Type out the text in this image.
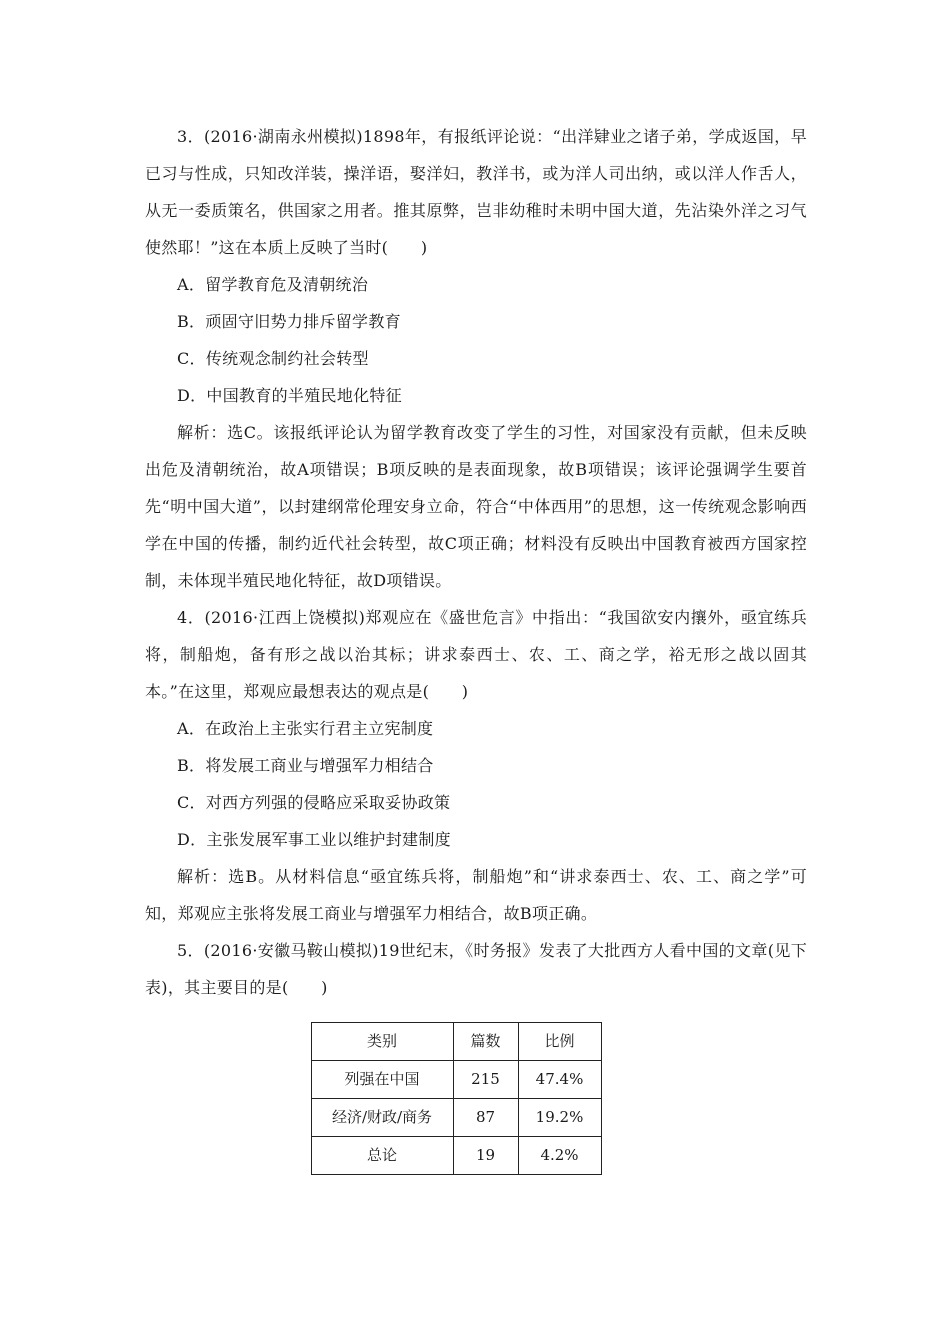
3．(2016·湖南永州模拟)1898年，有报纸评论说：“出洋肄业之诸子弟，学成返国，早已习与性成，只知改洋装，操洋语，娶洋妇，教洋书，或为洋人司出纳，或以洋人作舌人，从无一委质策名，供国家之用者。推其原弊，岂非幼稚时未明中国大道，先沾染外洋之习气使然耶！”这在本质上反映了当时(　　)

A．留学教育危及清朝统治

B．顽固守旧势力排斥留学教育

C．传统观念制约社会转型

D．中国教育的半殖民地化特征

解析：选C。该报纸评论认为留学教育改变了学生的习性，对国家没有贡献，但未反映出危及清朝统治，故A项错误；B项反映的是表面现象，故B项错误；该评论强调学生要首先“明中国大道”，以封建纲常伦理安身立命，符合“中体西用”的思想，这一传统观念影响西学在中国的传播，制约近代社会转型，故C项正确；材料没有反映出中国教育被西方国家控制，未体现半殖民地化特征，故D项错误。

4．(2016·江西上饶模拟)郑观应在《盛世危言》中指出：“我国欲安内攘外，亟宜练兵将，制船炮，备有形之战以治其标；讲求泰西士、农、工、商之学，裕无形之战以固其本。”在这里，郑观应最想表达的观点是(　　)

A．在政治上主张实行君主立宪制度

B．将发展工商业与增强军力相结合

C．对西方列强的侵略应采取妥协政策

D．主张发展军事工业以维护封建制度

解析：选B。从材料信息“亟宜练兵将，制船炮”和“讲求泰西士、农、工、商之学”可知，郑观应主张将发展工商业与增强军力相结合，故B项正确。

5．(2016·安徽马鞍山模拟)19世纪末，《时务报》发表了大批西方人看中国的文章(见下表)，其主要目的是(　　)

类别	篇数	比例
列强在中国	215	47.4%
经济/财政/商务	87	19.2%
总论	19	4.2%
